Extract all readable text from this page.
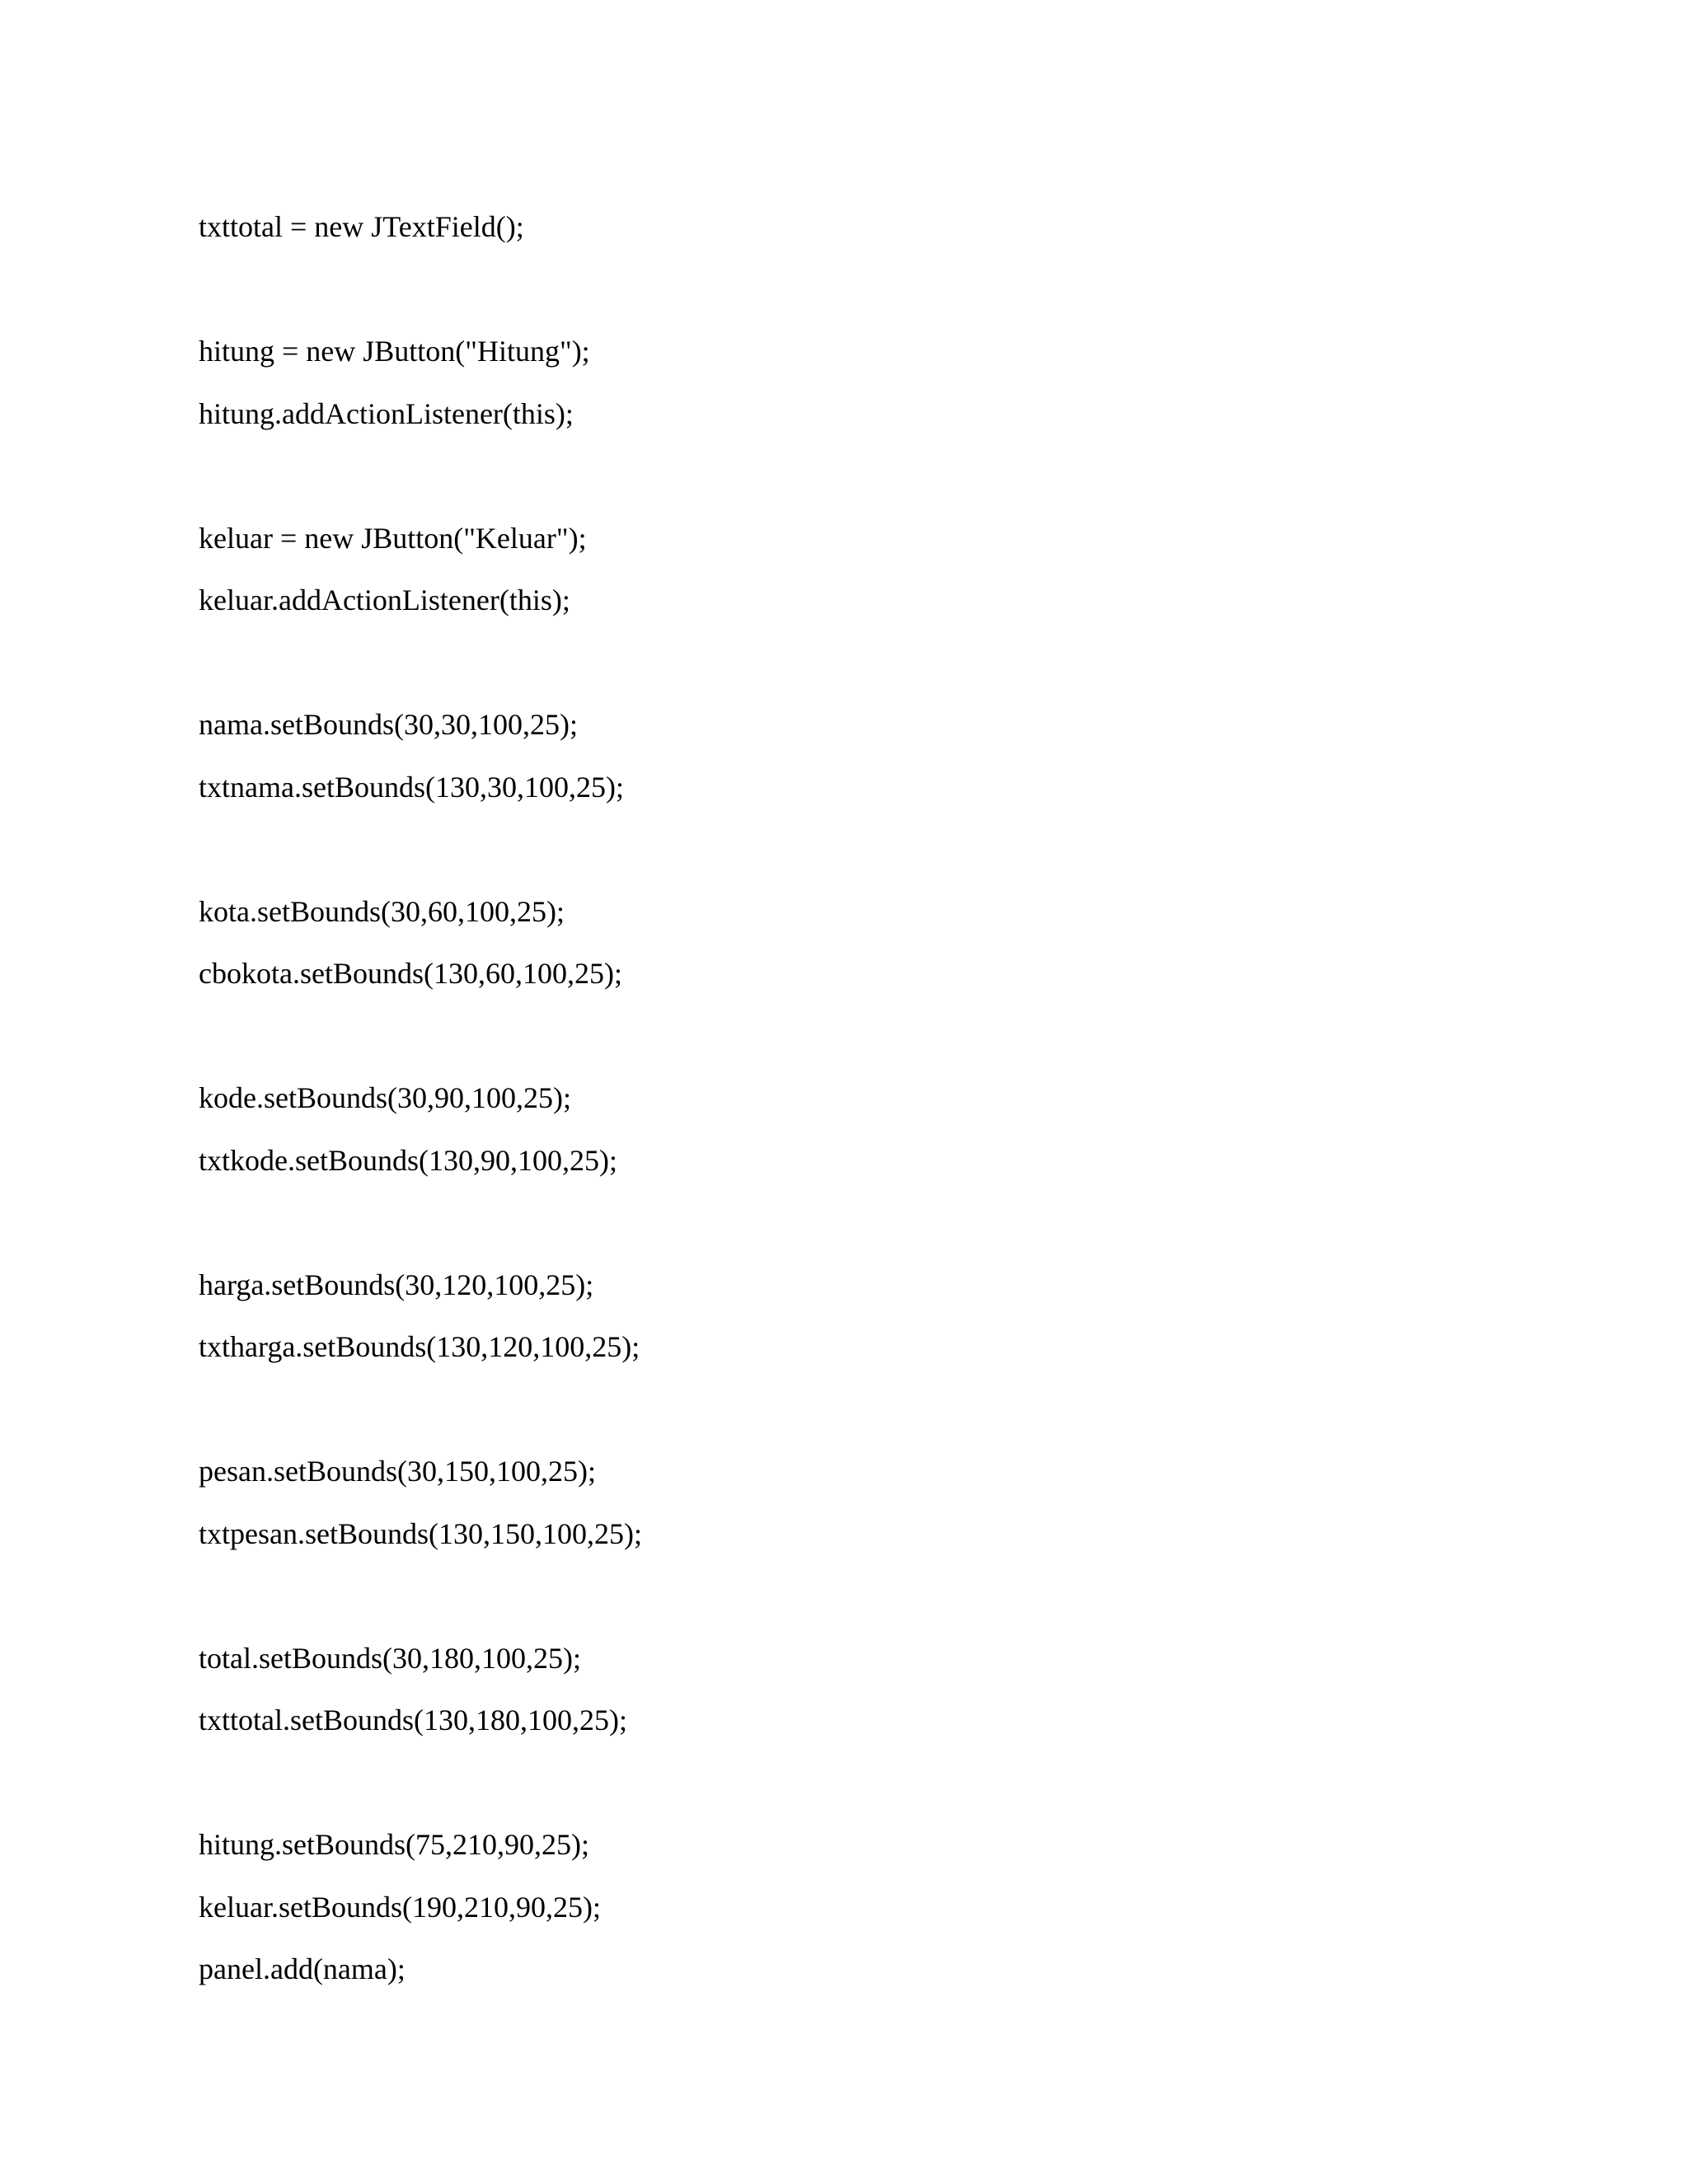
txttotal = new JTextField();
hitung = new JButton("Hitung");
hitung.addActionListener(this);
keluar = new JButton("Keluar");
keluar.addActionListener(this);
nama.setBounds(30,30,100,25);
txtnama.setBounds(130,30,100,25);
kota.setBounds(30,60,100,25);
cbokota.setBounds(130,60,100,25);
kode.setBounds(30,90,100,25);
txtkode.setBounds(130,90,100,25);
harga.setBounds(30,120,100,25);
txtharga.setBounds(130,120,100,25);
pesan.setBounds(30,150,100,25);
txtpesan.setBounds(130,150,100,25);
total.setBounds(30,180,100,25);
txttotal.setBounds(130,180,100,25);
hitung.setBounds(75,210,90,25);
keluar.setBounds(190,210,90,25);
panel.add(nama);
